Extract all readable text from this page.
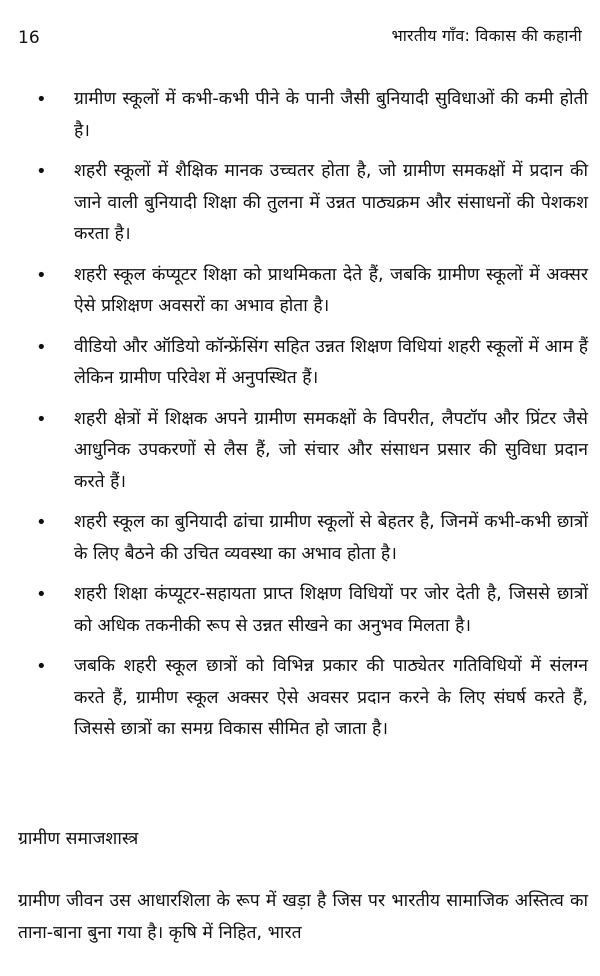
16	भारतीय गाँव: विकास की कहानी
• ग्रामीण स्कूलों में कभी-कभी पीने के पानी जैसी बुनियादी सुविधाओं की कमी होती है।
• शहरी स्कूलों में शैक्षिक मानक उच्चतर होता है, जो ग्रामीण समकक्षों में प्रदान की जाने वाली बुनियादी शिक्षा की तुलना में उन्नत पाठ्यक्रम और संसाधनों की पेशकश करता है।
• शहरी स्कूल कंप्यूटर शिक्षा को प्राथमिकता देते हैं, जबकि ग्रामीण स्कूलों में अक्सर ऐसे प्रशिक्षण अवसरों का अभाव होता है।
• वीडियो और ऑडियो कॉन्फ्रेंसिंग सहित उन्नत शिक्षण विधियां शहरी स्कूलों में आम हैं लेकिन ग्रामीण परिवेश में अनुपस्थित हैं।
• शहरी क्षेत्रों में शिक्षक अपने ग्रामीण समकक्षों के विपरीत, लैपटॉप और प्रिंटर जैसे आधुनिक उपकरणों से लैस हैं, जो संचार और संसाधन प्रसार की सुविधा प्रदान करते हैं।
• शहरी स्कूल का बुनियादी ढांचा ग्रामीण स्कूलों से बेहतर है, जिनमें कभी-कभी छात्रों के लिए बैठने की उचित व्यवस्था का अभाव होता है।
• शहरी शिक्षा कंप्यूटर-सहायता प्राप्त शिक्षण विधियों पर जोर देती है, जिससे छात्रों को अधिक तकनीकी रूप से उन्नत सीखने का अनुभव मिलता है।
• जबकि शहरी स्कूल छात्रों को विभिन्न प्रकार की पाठ्येतर गतिविधियों में संलग्न करते हैं, ग्रामीण स्कूल अक्सर ऐसे अवसर प्रदान करने के लिए संघर्ष करते हैं, जिससे छात्रों का समग्र विकास सीमित हो जाता है।
ग्रामीण समाजशास्त्र

ग्रामीण जीवन उस आधारशिला के रूप में खड़ा है जिस पर भारतीय सामाजिक अस्तित्व का ताना-बाना बुना गया है। कृषि में निहित, भारत
